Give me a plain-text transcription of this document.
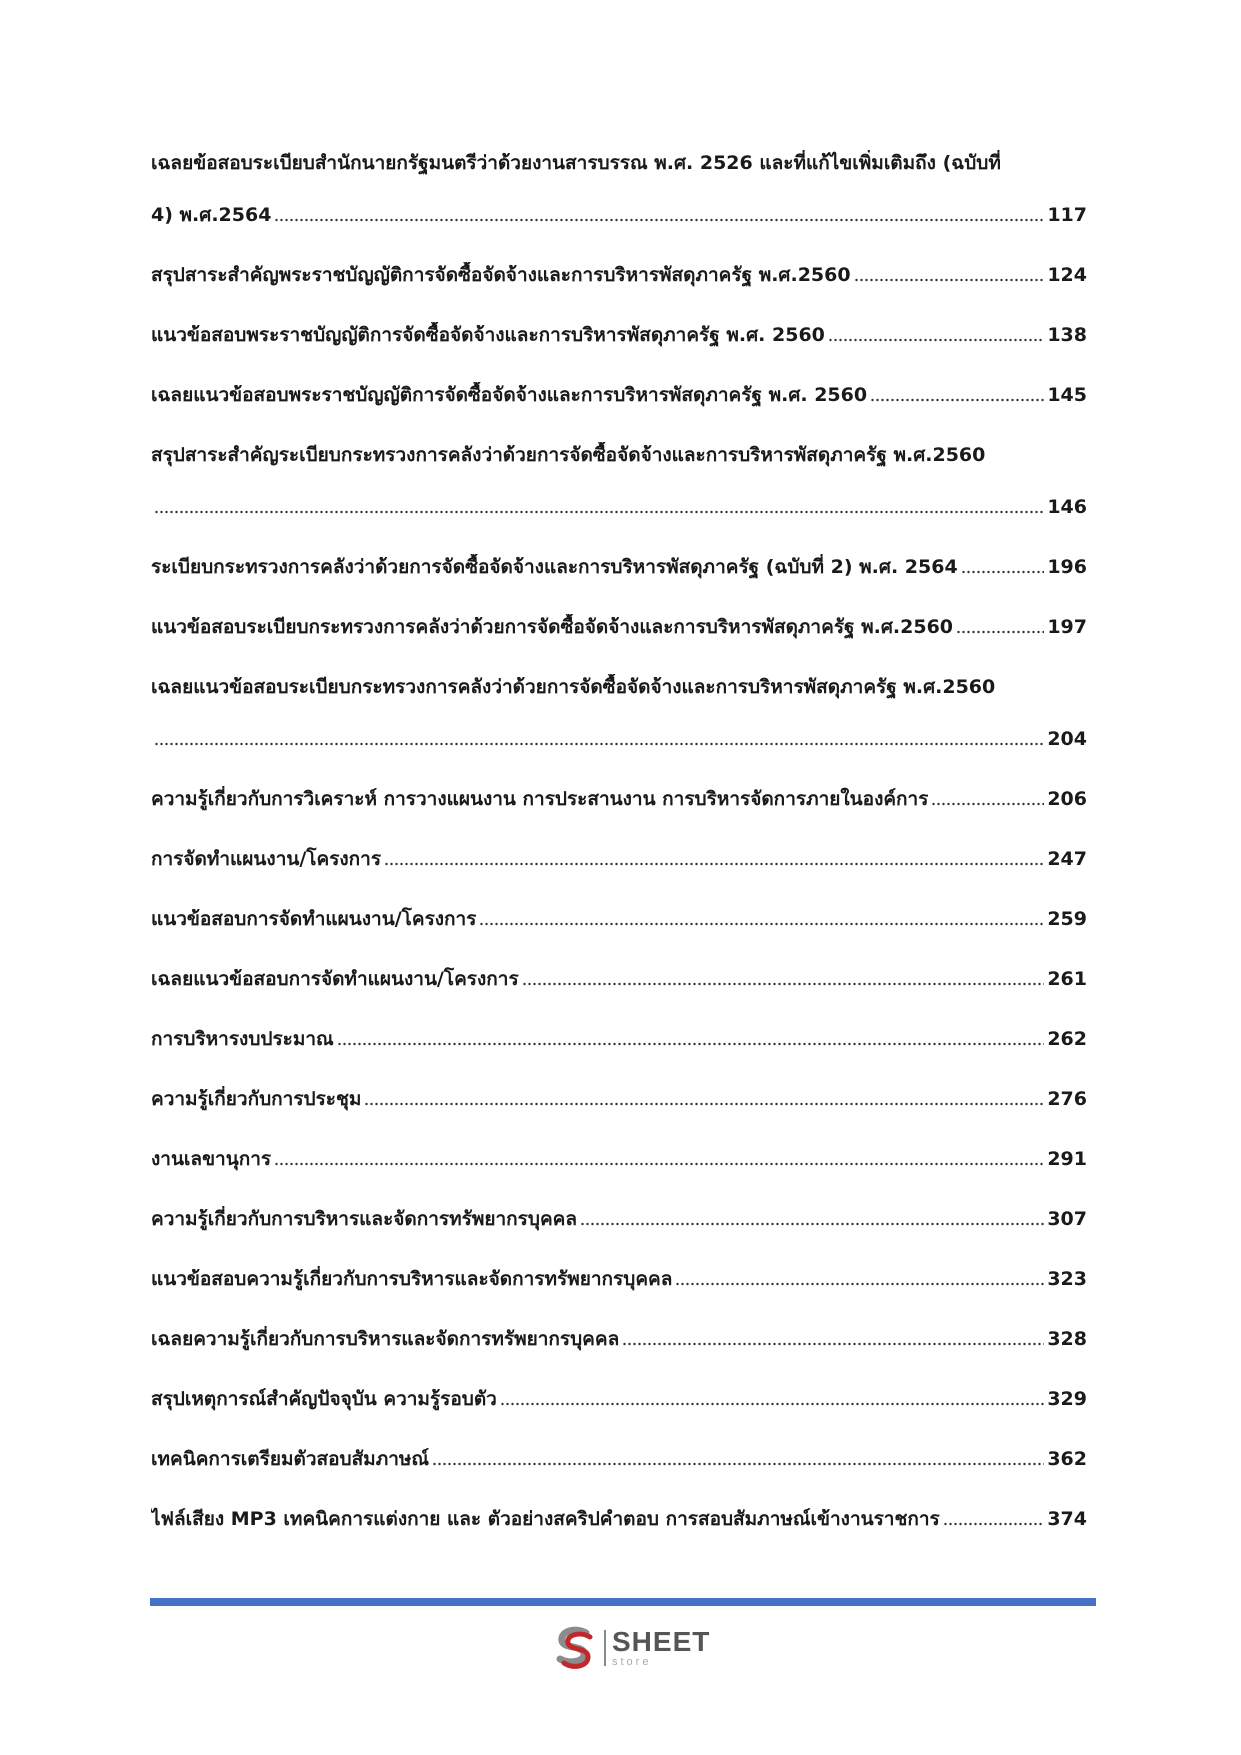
เฉลยข้อสอบระเบียบสำนักนายกรัฐมนตรีว่าด้วยงานสารบรรณ พ.ศ. 2526 และที่แก้ไขเพิ่มเติมถึง (ฉบับที่
4) พ.ศ.2564	117
สรุปสาระสำคัญพระราชบัญญัติการจัดซื้อจัดจ้างและการบริหารพัสดุภาครัฐ พ.ศ.2560	124
แนวข้อสอบพระราชบัญญัติการจัดซื้อจัดจ้างและการบริหารพัสดุภาครัฐ พ.ศ. 2560	138
เฉลยแนวข้อสอบพระราชบัญญัติการจัดซื้อจัดจ้างและการบริหารพัสดุภาครัฐ พ.ศ. 2560	145
สรุปสาระสำคัญระเบียบกระทรวงการคลังว่าด้วยการจัดซื้อจัดจ้างและการบริหารพัสดุภาครัฐ พ.ศ.2560
146
ระเบียบกระทรวงการคลังว่าด้วยการจัดซื้อจัดจ้างและการบริหารพัสดุภาครัฐ (ฉบับที่ 2) พ.ศ. 2564	196
แนวข้อสอบระเบียบกระทรวงการคลังว่าด้วยการจัดซื้อจัดจ้างและการบริหารพัสดุภาครัฐ พ.ศ.2560	197
เฉลยแนวข้อสอบระเบียบกระทรวงการคลังว่าด้วยการจัดซื้อจัดจ้างและการบริหารพัสดุภาครัฐ พ.ศ.2560
204
ความรู้เกี่ยวกับการวิเคราะห์ การวางแผนงาน การประสานงาน การบริหารจัดการภายในองค์การ	206
การจัดทำแผนงาน/โครงการ	247
แนวข้อสอบการจัดทำแผนงาน/โครงการ	259
เฉลยแนวข้อสอบการจัดทำแผนงาน/โครงการ	261
การบริหารงบประมาณ	262
ความรู้เกี่ยวกับการประชุม	276
งานเลขานุการ	291
ความรู้เกี่ยวกับการบริหารและจัดการทรัพยากรบุคคล	307
แนวข้อสอบความรู้เกี่ยวกับการบริหารและจัดการทรัพยากรบุคคล	323
เฉลยความรู้เกี่ยวกับการบริหารและจัดการทรัพยากรบุคคล	328
สรุปเหตุการณ์สำคัญปัจจุบัน ความรู้รอบตัว	329
เทคนิคการเตรียมตัวสอบสัมภาษณ์	362
ไฟล์เสียง MP3 เทคนิคการแต่งกาย และ ตัวอย่างสคริปคำตอบ การสอบสัมภาษณ์เข้างานราชการ	374
SHEET
store
